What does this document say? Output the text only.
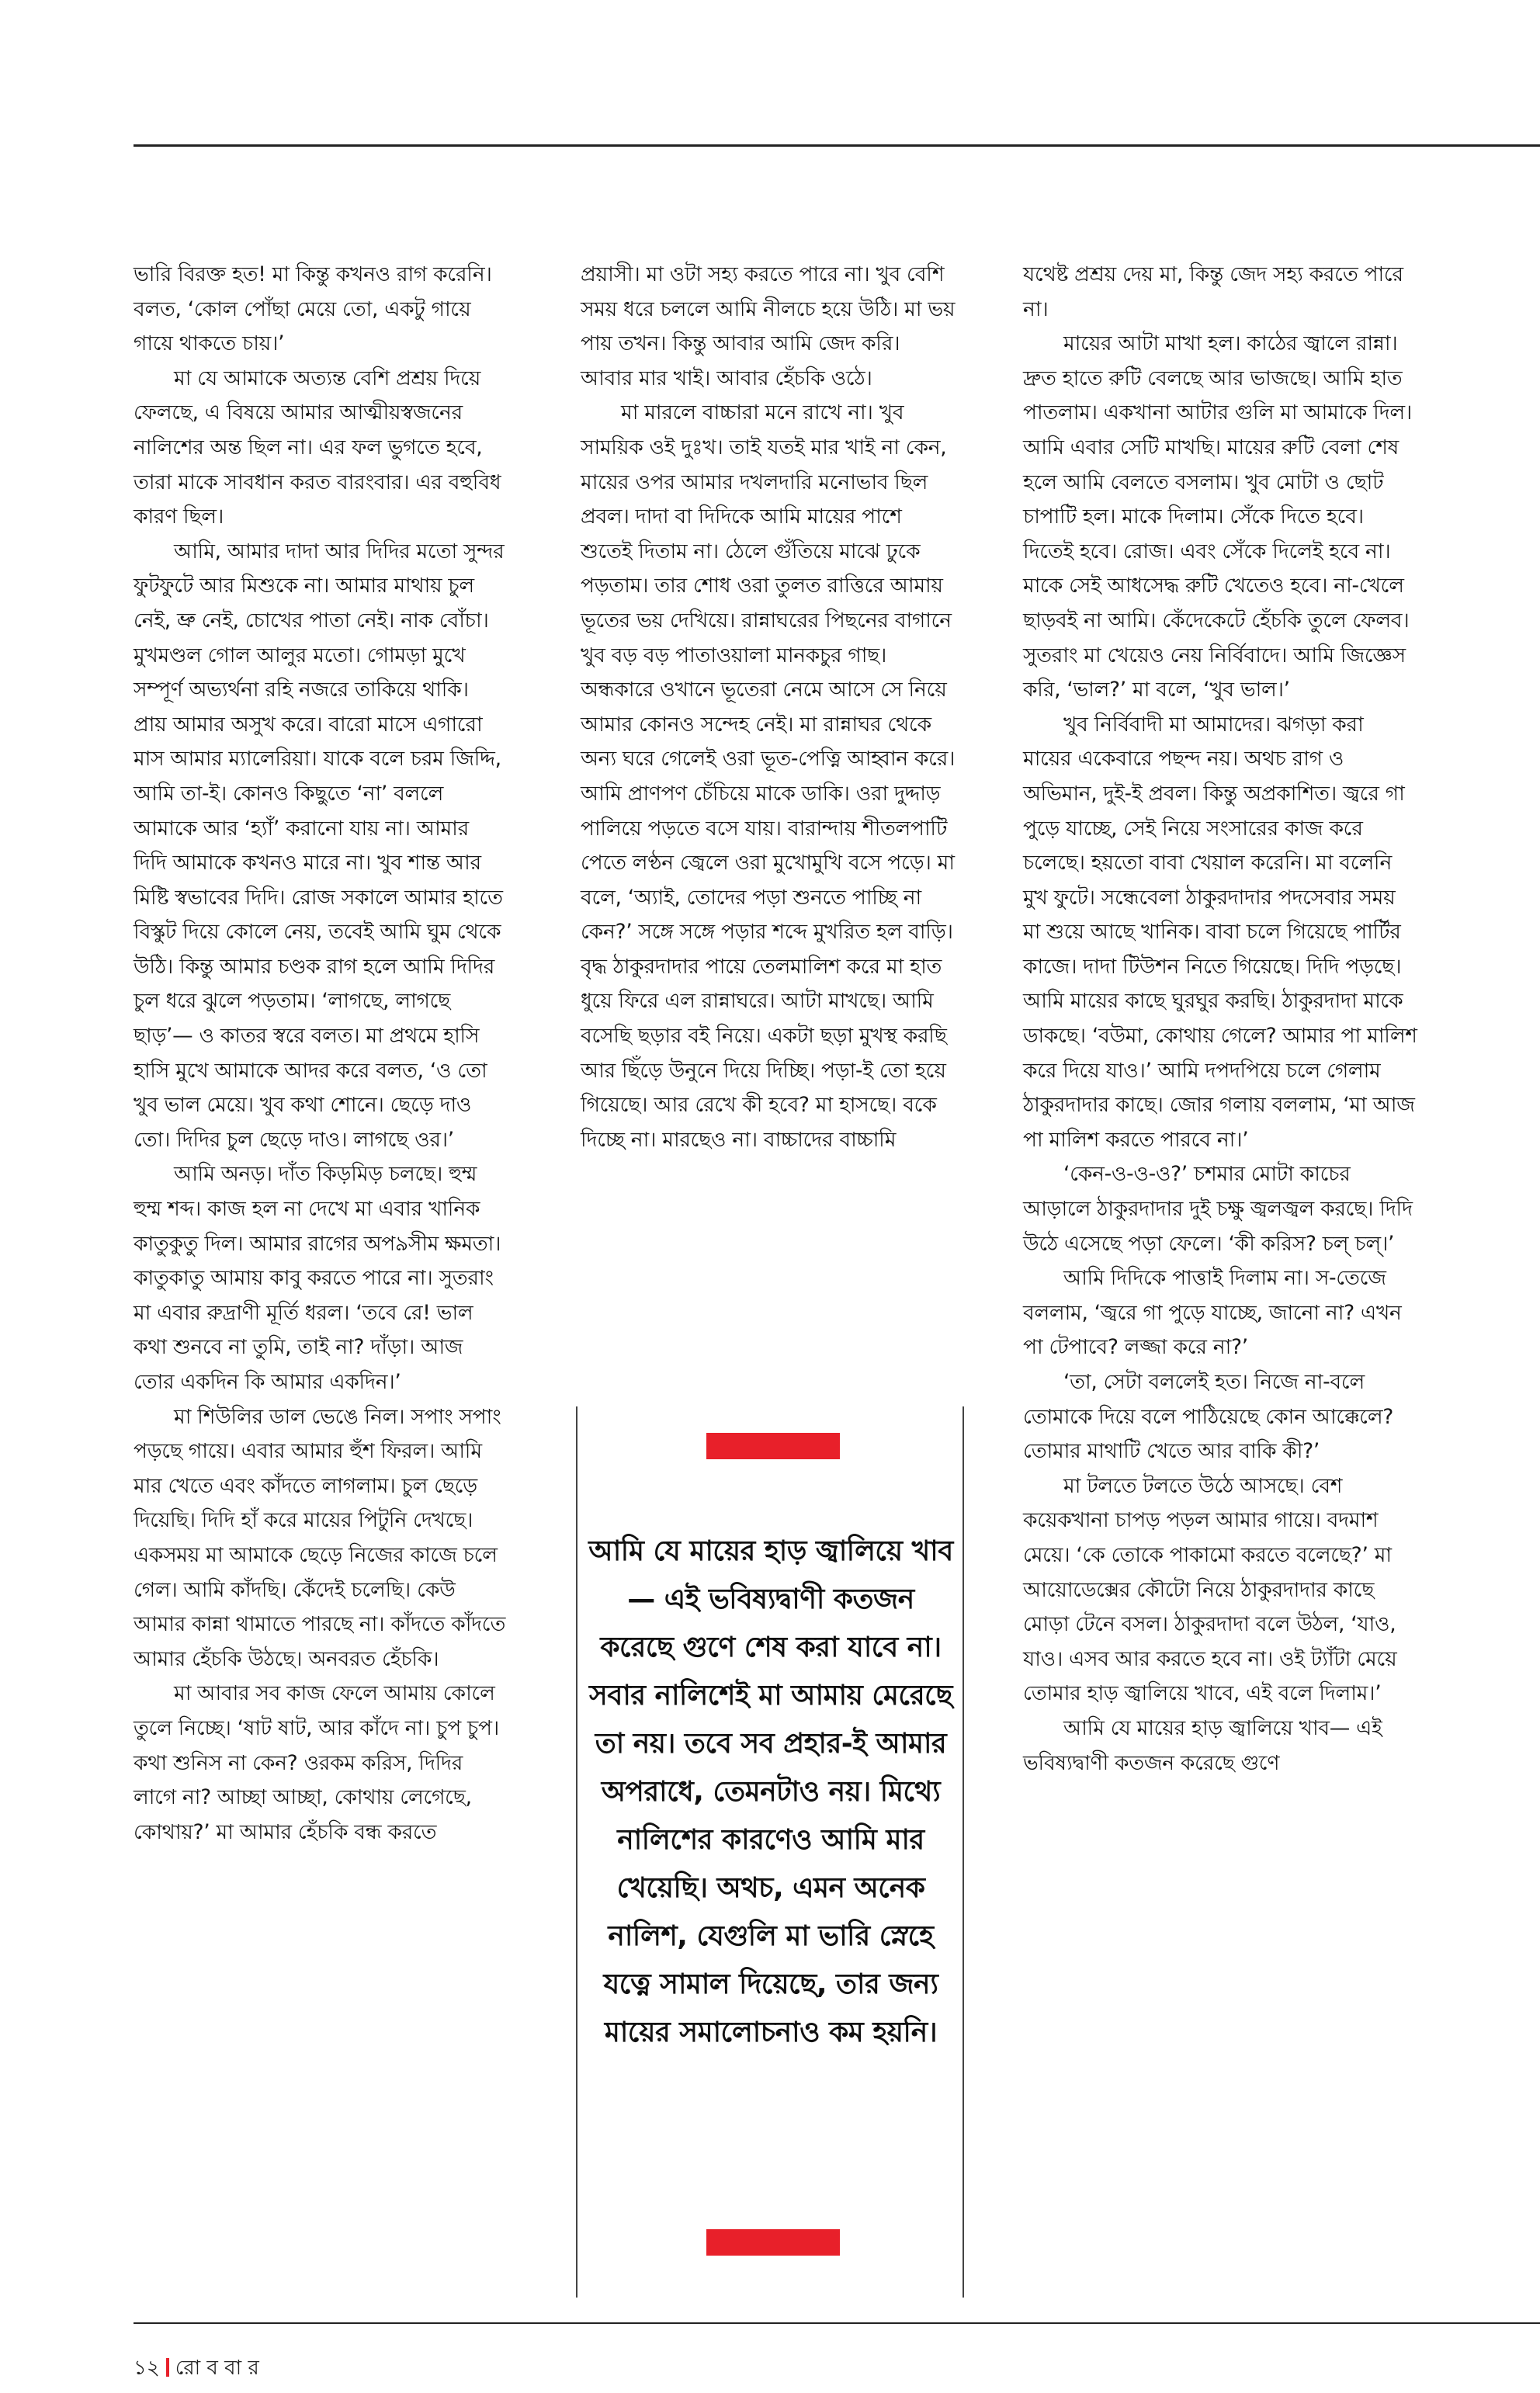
ভারি বিরক্ত হত! মা কিন্তু কখনও রাগ করেনি। বলত, ‘কোল পোঁছা মেয়ে তো, একটু গায়ে গায়ে থাকতে চায়।’

মা যে আমাকে অত্যন্ত বেশি প্রশ্রয় দিয়ে ফেলছে, এ বিষয়ে আমার আত্মীয়স্বজনের নালিশের অন্ত ছিল না। এর ফল ভুগতে হবে, তারা মাকে সাবধান করত বারংবার। এর বহুবিধ কারণ ছিল।

আমি, আমার দাদা আর দিদির মতো সুন্দর ফুটফুটে আর মিশুকে না। আমার মাথায় চুল নেই, ভ্রু নেই, চোখের পাতা নেই। নাক বোঁচা। মুখমণ্ডল গোল আলুর মতো। গোমড়া মুখে সম্পূর্ণ অভ্যর্থনা রহি নজরে তাকিয়ে থাকি। প্রায় আমার অসুখ করে। বারো মাসে এগারো মাস আমার ম্যালেরিয়া। যাকে বলে চরম জিদ্দি, আমি তা-ই। কোনও কিছুতে ‘না’ বললে আমাকে আর ‘হ্যাঁ’ করানো যায় না। আমার দিদি আমাকে কখনও মারে না। খুব শান্ত আর মিষ্টি স্বভাবের দিদি। রোজ সকালে আমার হাতে বিস্কুট দিয়ে কোলে নেয়, তবেই আমি ঘুম থেকে উঠি। কিন্তু আমার চণ্ডক রাগ হলে আমি দিদির চুল ধরে ঝুলে পড়তাম। ‘লাগছে, লাগছে ছাড়’— ও কাতর স্বরে বলত। মা প্রথমে হাসি হাসি মুখে আমাকে আদর করে বলত, ‘ও তো খুব ভাল মেয়ে। খুব কথা শোনে। ছেড়ে দাও তো। দিদির চুল ছেড়ে দাও। লাগছে ওর।’

আমি অনড়। দাঁত কিড়মিড় চলছে। হুম্ম হুম্ম শব্দ। কাজ হল না দেখে মা এবার খানিক কাতুকুতু দিল। আমার রাগের অপ৯সীম ক্ষমতা। কাতুকাতু আমায় কাবু করতে পারে না। সুতরাং মা এবার রুদ্রাণী মূর্তি ধরল। ‘তবে রে! ভাল কথা শুনবে না তুমি, তাই না? দাঁড়া। আজ তোর একদিন কি আমার একদিন।’

মা শিউলির ডাল ভেঙে নিল। সপাং সপাং পড়ছে গায়ে। এবার আমার হুঁশ ফিরল। আমি মার খেতে এবং কাঁদতে লাগলাম। চুল ছেড়ে দিয়েছি। দিদি হাঁ করে মায়ের পিটুনি দেখছে। একসময় মা আমাকে ছেড়ে নিজের কাজে চলে গেল। আমি কাঁদছি। কেঁদেই চলেছি। কেউ আমার কান্না থামাতে পারছে না। কাঁদতে কাঁদতে আমার হেঁচকি উঠছে। অনবরত হেঁচকি।

মা আবার সব কাজ ফেলে আমায় কোলে তুলে নিচ্ছে। ‘ষাট ষাট, আর কাঁদে না। চুপ চুপ। কথা শুনিস না কেন? ওরকম করিস, দিদির লাগে না? আচ্ছা আচ্ছা, কোথায় লেগেছে, কোথায়?’ মা আমার হেঁচকি বন্ধ করতে

প্রয়াসী। মা ওটা সহ্য করতে পারে না। খুব বেশি সময় ধরে চললে আমি নীলচে হয়ে উঠি। মা ভয় পায় তখন। কিন্তু আবার আমি জেদ করি। আবার মার খাই। আবার হেঁচকি ওঠে।

মা মারলে বাচ্চারা মনে রাখে না। খুব সাময়িক ওই দুঃখ। তাই যতই মার খাই না কেন, মায়ের ওপর আমার দখলদারি মনোভাব ছিল প্রবল। দাদা বা দিদিকে আমি মায়ের পাশে শুতেই দিতাম না। ঠেলে গুঁতিয়ে মাঝে ঢুকে পড়তাম। তার শোধ ওরা তুলত রাত্তিরে আমায় ভূতের ভয় দেখিয়ে। রান্নাঘরের পিছনের বাগানে খুব বড় বড় পাতাওয়ালা মানকচুর গাছ। অন্ধকারে ওখানে ভূতেরা নেমে আসে সে নিয়ে আমার কোনও সন্দেহ নেই। মা রান্নাঘর থেকে অন্য ঘরে গেলেই ওরা ভূত-পেত্নি আহ্বান করে। আমি প্রাণপণ চেঁচিয়ে মাকে ডাকি। ওরা দুদ্দাড় পালিয়ে পড়তে বসে যায়। বারান্দায় শীতলপাটি পেতে লণ্ঠন জ্বেলে ওরা মুখোমুখি বসে পড়ে। মা বলে, ‘অ্যাই, তোদের পড়া শুনতে পাচ্ছি না কেন?’ সঙ্গে সঙ্গে পড়ার শব্দে মুখরিত হল বাড়ি। বৃদ্ধ ঠাকুরদাদার পায়ে তেলমালিশ করে মা হাত ধুয়ে ফিরে এল রান্নাঘরে। আটা মাখছে। আমি বসেছি ছড়ার বই নিয়ে। একটা ছড়া মুখস্থ করছি আর ছিঁড়ে উনুনে দিয়ে দিচ্ছি। পড়া-ই তো হয়ে গিয়েছে। আর রেখে কী হবে? মা হাসছে। বকে দিচ্ছে না। মারছেও না। বাচ্চাদের বাচ্চামি

যথেষ্ট প্রশ্রয় দেয় মা, কিন্তু জেদ সহ্য করতে পারে না।

মায়ের আটা মাখা হল। কাঠের জ্বালে রান্না। দ্রুত হাতে রুটি বেলছে আর ভাজছে। আমি হাত পাতলাম। একখানা আটার গুলি মা আমাকে দিল। আমি এবার সেটি মাখছি। মায়ের রুটি বেলা শেষ হলে আমি বেলতে বসলাম। খুব মোটা ও ছোট চাপাটি হল। মাকে দিলাম। সেঁকে দিতে হবে। দিতেই হবে। রোজ। এবং সেঁকে দিলেই হবে না। মাকে সেই আধসেদ্ধ রুটি খেতেও হবে। না-খেলে ছাড়বই না আমি। কেঁদেকেটে হেঁচকি তুলে ফেলব। সুতরাং মা খেয়েও নেয় নির্বিবাদে। আমি জিজ্ঞেস করি, ‘ভাল?’ মা বলে, ‘খুব ভাল।’

খুব নির্বিবাদী মা আমাদের। ঝগড়া করা মায়ের একেবারে পছন্দ নয়। অথচ রাগ ও অভিমান, দুই-ই প্রবল। কিন্তু অপ্রকাশিত। জ্বরে গা পুড়ে যাচ্ছে, সেই নিয়ে সংসারের কাজ করে চলেছে। হয়তো বাবা খেয়াল করেনি। মা বলেনি মুখ ফুটে। সন্ধেবেলা ঠাকুরদাদার পদসেবার সময় মা শুয়ে আছে খানিক। বাবা চলে গিয়েছে পার্টির কাজে। দাদা টিউশন নিতে গিয়েছে। দিদি পড়ছে। আমি মায়ের কাছে ঘুরঘুর করছি। ঠাকুরদাদা মাকে ডাকছে। ‘বউমা, কোথায় গেলে? আমার পা মালিশ করে দিয়ে যাও।’ আমি দপদপিয়ে চলে গেলাম ঠাকুরদাদার কাছে। জোর গলায় বললাম, ‘মা আজ পা মালিশ করতে পারবে না।’

‘কেন-ও-ও-ও?’ চশমার মোটা কাচের আড়ালে ঠাকুরদাদার দুই চক্ষু জ্বলজ্বল করছে। দিদি উঠে এসেছে পড়া ফেলে। ‘কী করিস? চল্ চল্।’

আমি দিদিকে পাত্তাই দিলাম না। স-তেজে বললাম, ‘জ্বরে গা পুড়ে যাচ্ছে, জানো না? এখন পা টেপাবে? লজ্জা করে না?’

‘তা, সেটা বললেই হত। নিজে না-বলে তোমাকে দিয়ে বলে পাঠিয়েছে কোন আক্কেলে? তোমার মাথাটি খেতে আর বাকি কী?’

মা টলতে টলতে উঠে আসছে। বেশ কয়েকখানা চাপড় পড়ল আমার গায়ে। বদমাশ মেয়ে। ‘কে তোকে পাকামো করতে বলেছে?’ মা আয়োডেক্সের কৌটো নিয়ে ঠাকুরদাদার কাছে মোড়া টেনে বসল। ঠাকুরদাদা বলে উঠল, ‘যাও, যাও। এসব আর করতে হবে না। ওই ট্যাঁটা মেয়ে তোমার হাড় জ্বালিয়ে খাবে, এই বলে দিলাম।’

আমি যে মায়ের হাড় জ্বালিয়ে খাব— এই ভবিষ্যদ্বাণী কতজন করেছে গুণে

আমি যে মায়ের হাড় জ্বালিয়ে খাব— এই ভবিষ্যদ্বাণী কতজন করেছে গুণে শেষ করা যাবে না। সবার নালিশেই মা আমায় মেরেছে তা নয়। তবে সব প্রহার-ই আমার অপরাধে, তেমনটাও নয়। মিথ্যে নালিশের কারণেও আমি মার খেয়েছি। অথচ, এমন অনেক নালিশ, যেগুলি মা ভারি স্নেহে যত্নে সামাল দিয়েছে, তার জন্য মায়ের সমালোচনাও কম হয়নি।
১২ রো ব বা র
